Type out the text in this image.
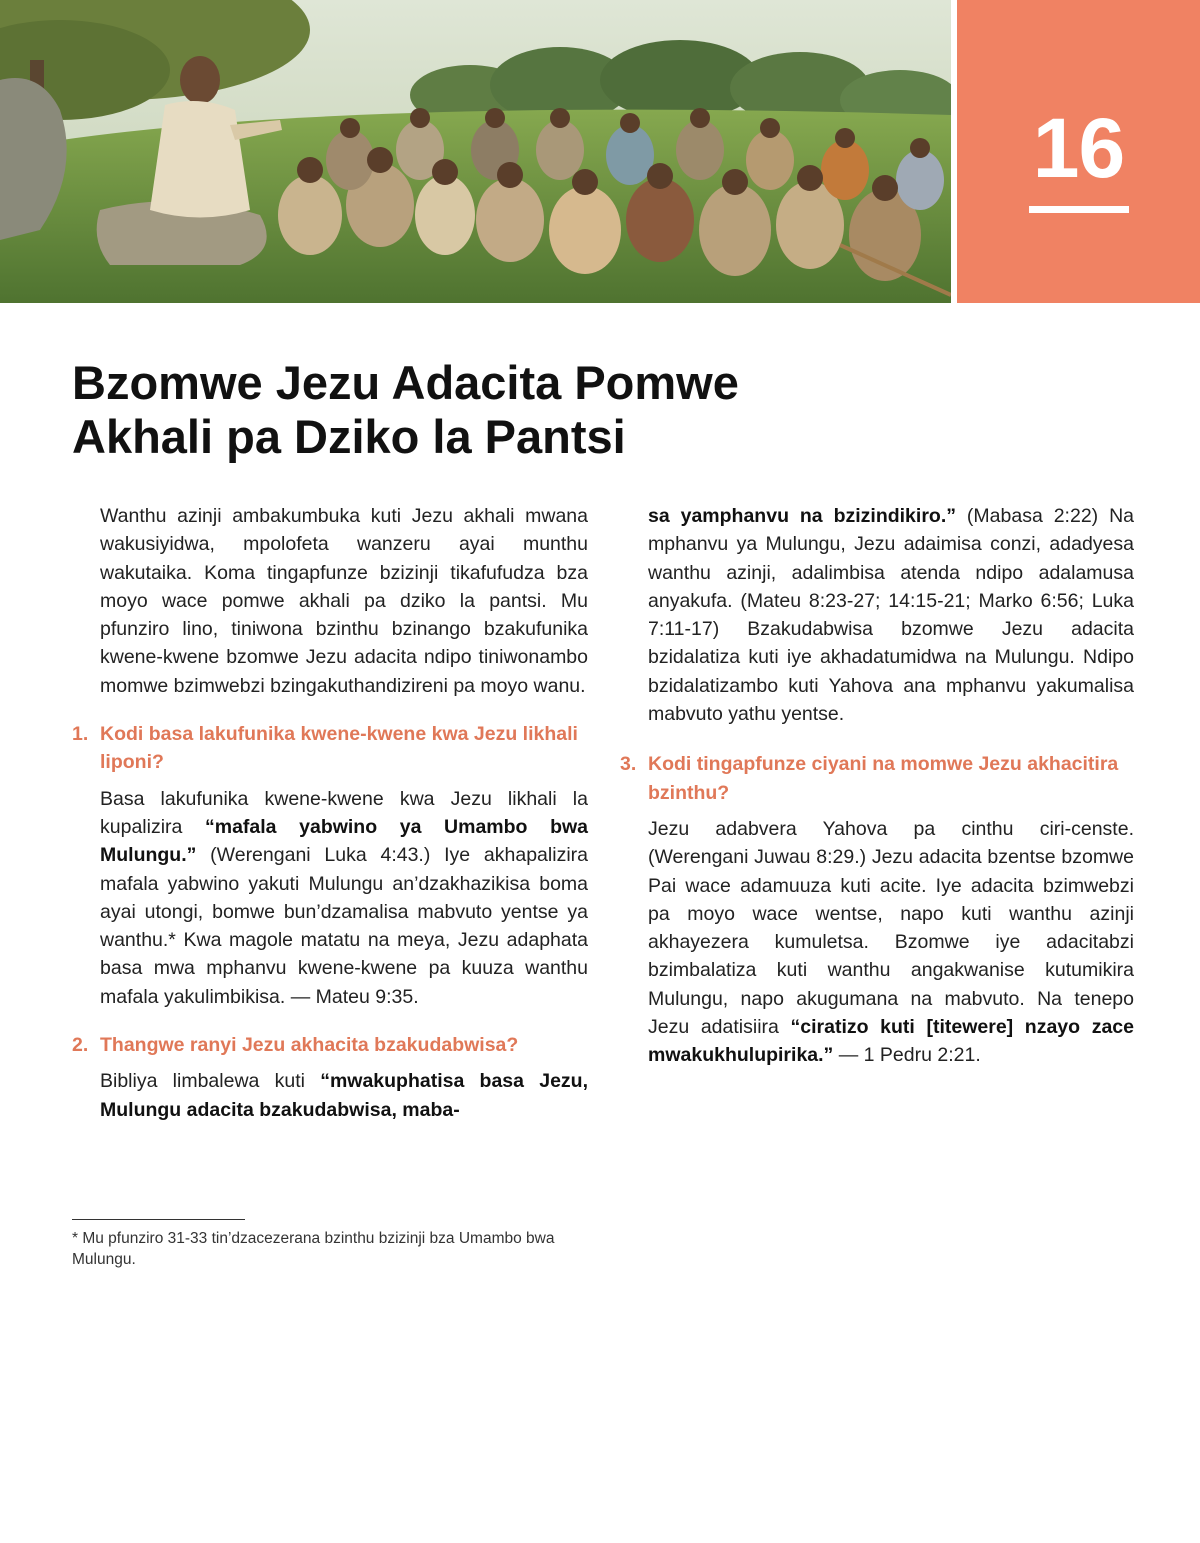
16
Bzomwe Jezu Adacita Pomwe
Akhali pa Dziko la Pantsi

Wanthu azinji ambakumbuka kuti Jezu akhali mwana wakusiyidwa, mpolofeta wanzeru ayai munthu wakutaika. Koma tingapfunze bzizinji tikafufudza bza moyo wace pomwe akhali pa dziko la pantsi. Mu pfunziro lino, tiniwona bzinthu bzinango bzakufunika kwene-kwene bzomwe Jezu adacita ndipo tiniwonambo momwe bzimwebzi bzingakuthandizireni pa moyo wanu.

1. Kodi basa lakufunika kwene-kwene kwa Jezu likhali liponi?

Basa lakufunika kwene-kwene kwa Jezu likhali la kupalizira “mafala yabwino ya Umambo bwa Mulungu.” (Werengani Luka 4:43.) Iye akhapalizira mafala yabwino yakuti Mulungu an’dzakhazikisa boma ayai utongi, bomwe bun’dzamalisa mabvuto yentse ya wanthu.* Kwa magole matatu na meya, Jezu adaphata basa mwa mphanvu kwene-kwene pa kuuza wanthu mafala yakulimbikisa. — Mateu 9:35.

2. Thangwe ranyi Jezu akhacita bzakudabwisa?

Bibliya limbalewa kuti “mwakuphatisa basa Jezu, Mulungu adacita bzakudabwisa, maba-

* Mu pfunziro 31-33 tin’dzacezerana bzinthu bzizinji bza Umambo bwa Mulungu.

sa yamphanvu na bzizindikiro.” (Mabasa 2:22) Na mphanvu ya Mulungu, Jezu adaimisa conzi, adadyesa wanthu azinji, adalimbisa atenda ndipo adalamusa anyakufa. (Mateu 8:23-27; 14:15-21; Marko 6:56; Luka 7:11-17) Bzakudabwisa bzomwe Jezu adacita bzidalatiza kuti iye akhadatumidwa na Mulungu. Ndipo bzidalatizambo kuti Yahova ana mphanvu yakumalisa mabvuto yathu yentse.

3. Kodi tingapfunze ciyani na momwe Jezu akhacitira bzinthu?

Jezu adabvera Yahova pa cinthu ciri-censte. (Werengani Juwau 8:29.) Jezu adacita bzentse bzomwe Pai wace adamuuza kuti acite. Iye adacita bzimwebzi pa moyo wace wentse, napo kuti wanthu azinji akhayezera kumuletsa. Bzomwe iye adacitabzi bzimbalatiza kuti wanthu angakwanise kutumikira Mulungu, napo akugumana na mabvuto. Na tenepo Jezu adatisiira “ciratizo kuti [titewere] nzayo zace mwakukhulupirika.” — 1 Pedru 2:21.
